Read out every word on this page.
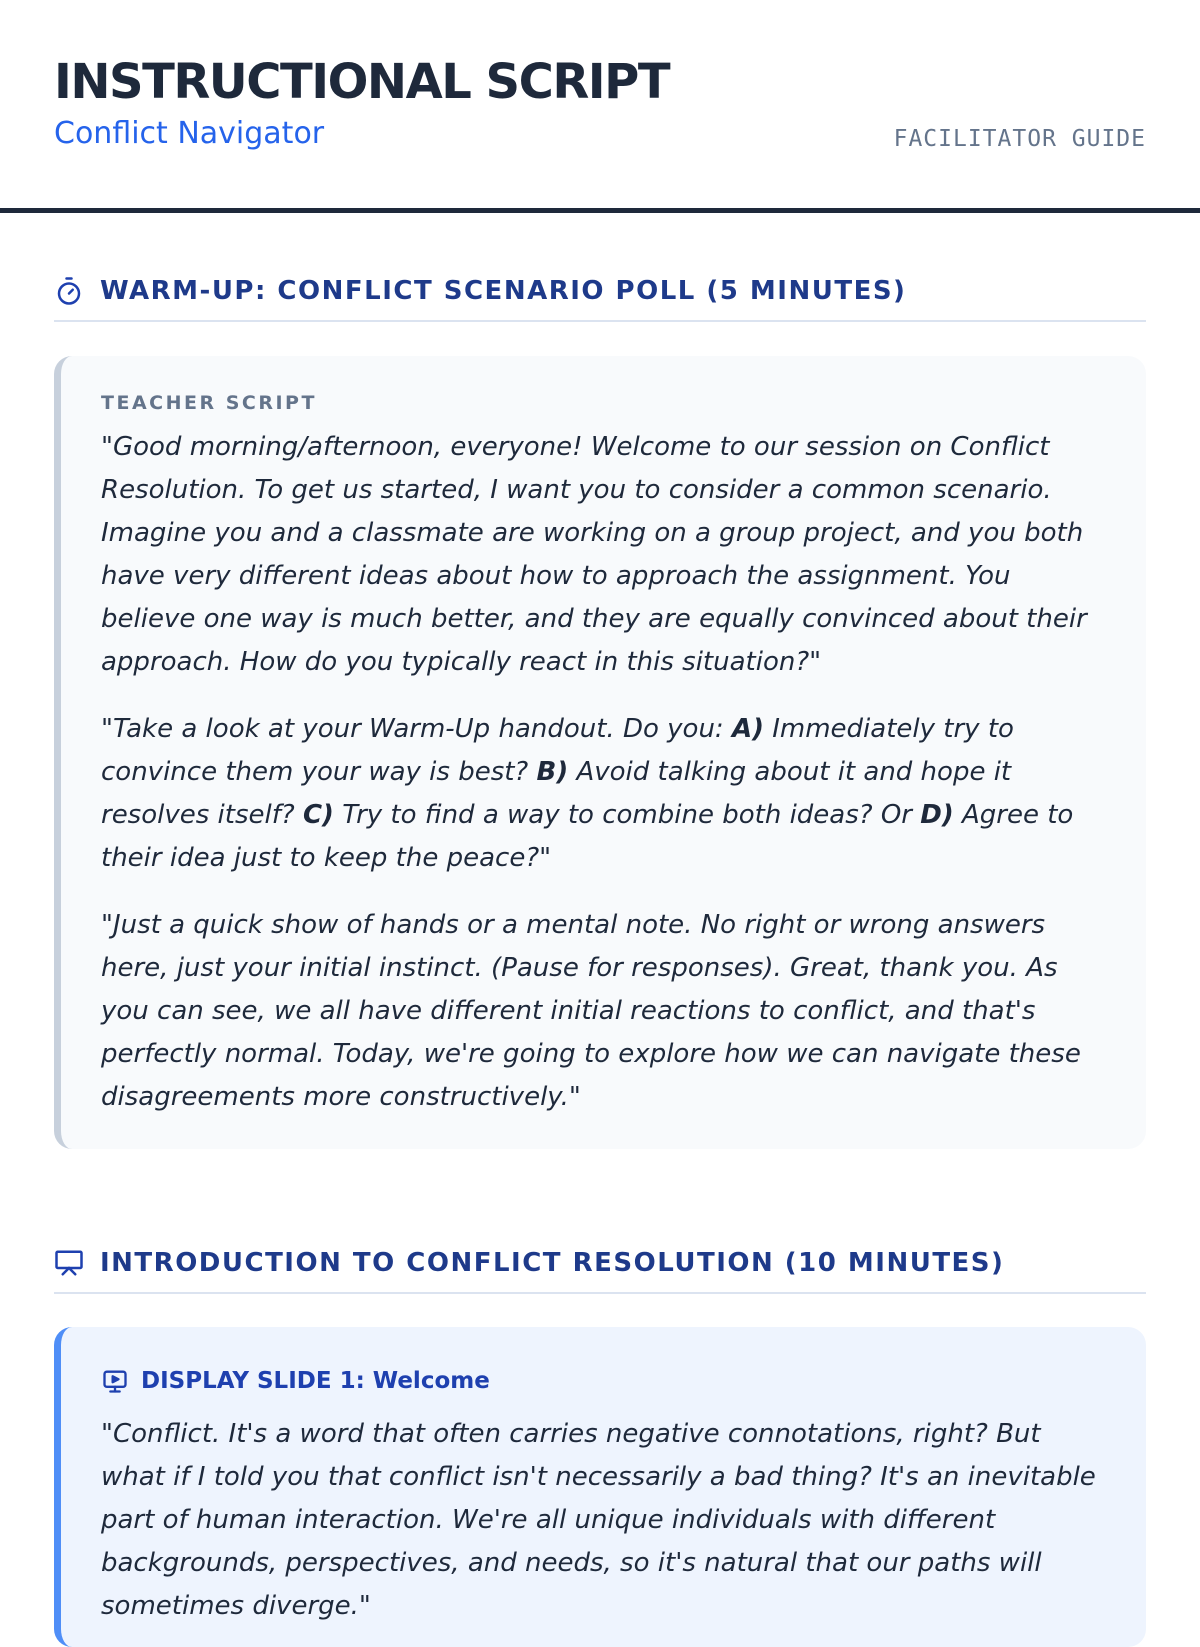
INSTRUCTIONAL SCRIPT
Conflict Navigator	FACILITATOR GUIDE
WARM-UP: CONFLICT SCENARIO POLL (5 MINUTES)
TEACHER SCRIPT

"Good morning/afternoon, everyone! Welcome to our session on Conflict Resolution. To get us started, I want you to consider a common scenario. Imagine you and a classmate are working on a group project, and you both have very different ideas about how to approach the assignment. You believe one way is much better, and they are equally convinced about their approach. How do you typically react in this situation?"

"Take a look at your Warm-Up handout. Do you: A) Immediately try to convince them your way is best? B) Avoid talking about it and hope it resolves itself? C) Try to find a way to combine both ideas? Or D) Agree to their idea just to keep the peace?"

"Just a quick show of hands or a mental note. No right or wrong answers here, just your initial instinct. (Pause for responses). Great, thank you. As you can see, we all have different initial reactions to conflict, and that's perfectly normal. Today, we're going to explore how we can navigate these disagreements more constructively."

INTRODUCTION TO CONFLICT RESOLUTION (10 MINUTES)
DISPLAY SLIDE 1: Welcome

"Conflict. It's a word that often carries negative connotations, right? But what if I told you that conflict isn't necessarily a bad thing? It's an inevitable part of human interaction. We're all unique individuals with different backgrounds, perspectives, and needs, so it's natural that our paths will sometimes diverge."
